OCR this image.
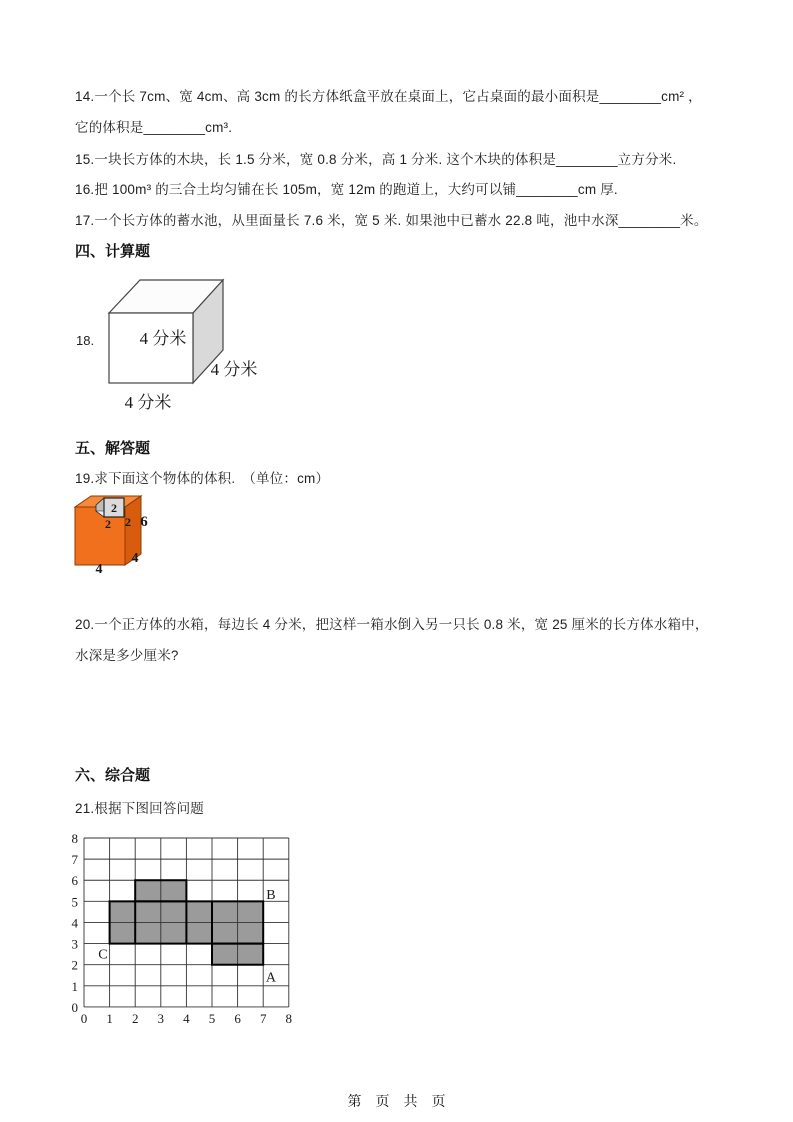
14.一个长 7cm、宽 4cm、高 3cm 的长方体纸盒平放在桌面上，它占桌面的最小面积是________cm² ，
它的体积是________cm³.
15.一块长方体的木块，长 1.5 分米，宽 0.8 分米，高 1 分米. 这个木块的体积是________立方分米.
16.把 100m³ 的三合土均匀铺在长 105m，宽 12m 的跑道上，大约可以铺________cm 厚.
17.一个长方体的蓄水池，从里面量长 7.6 米，宽 5 米. 如果池中已蓄水 22.8 吨，池中水深________米。
四、计算题
18.	4 分米
4 分米
4 分米
五、解答题
19.求下面这个物体的体积.　（单位：cm）
2
2 2 6
4
4
20.一个正方体的水箱，每边长 4 分米，把这样一箱水倒入另一只长 0.8 米，宽 25 厘米的长方体水箱中，
水深是多少厘米?
六、综合题
21.根据下图回答问题
8
7
6
5
4
3
2
1
0
0 1 2 3 4 5 6 7 8
B
A
C
第　页　共　页
